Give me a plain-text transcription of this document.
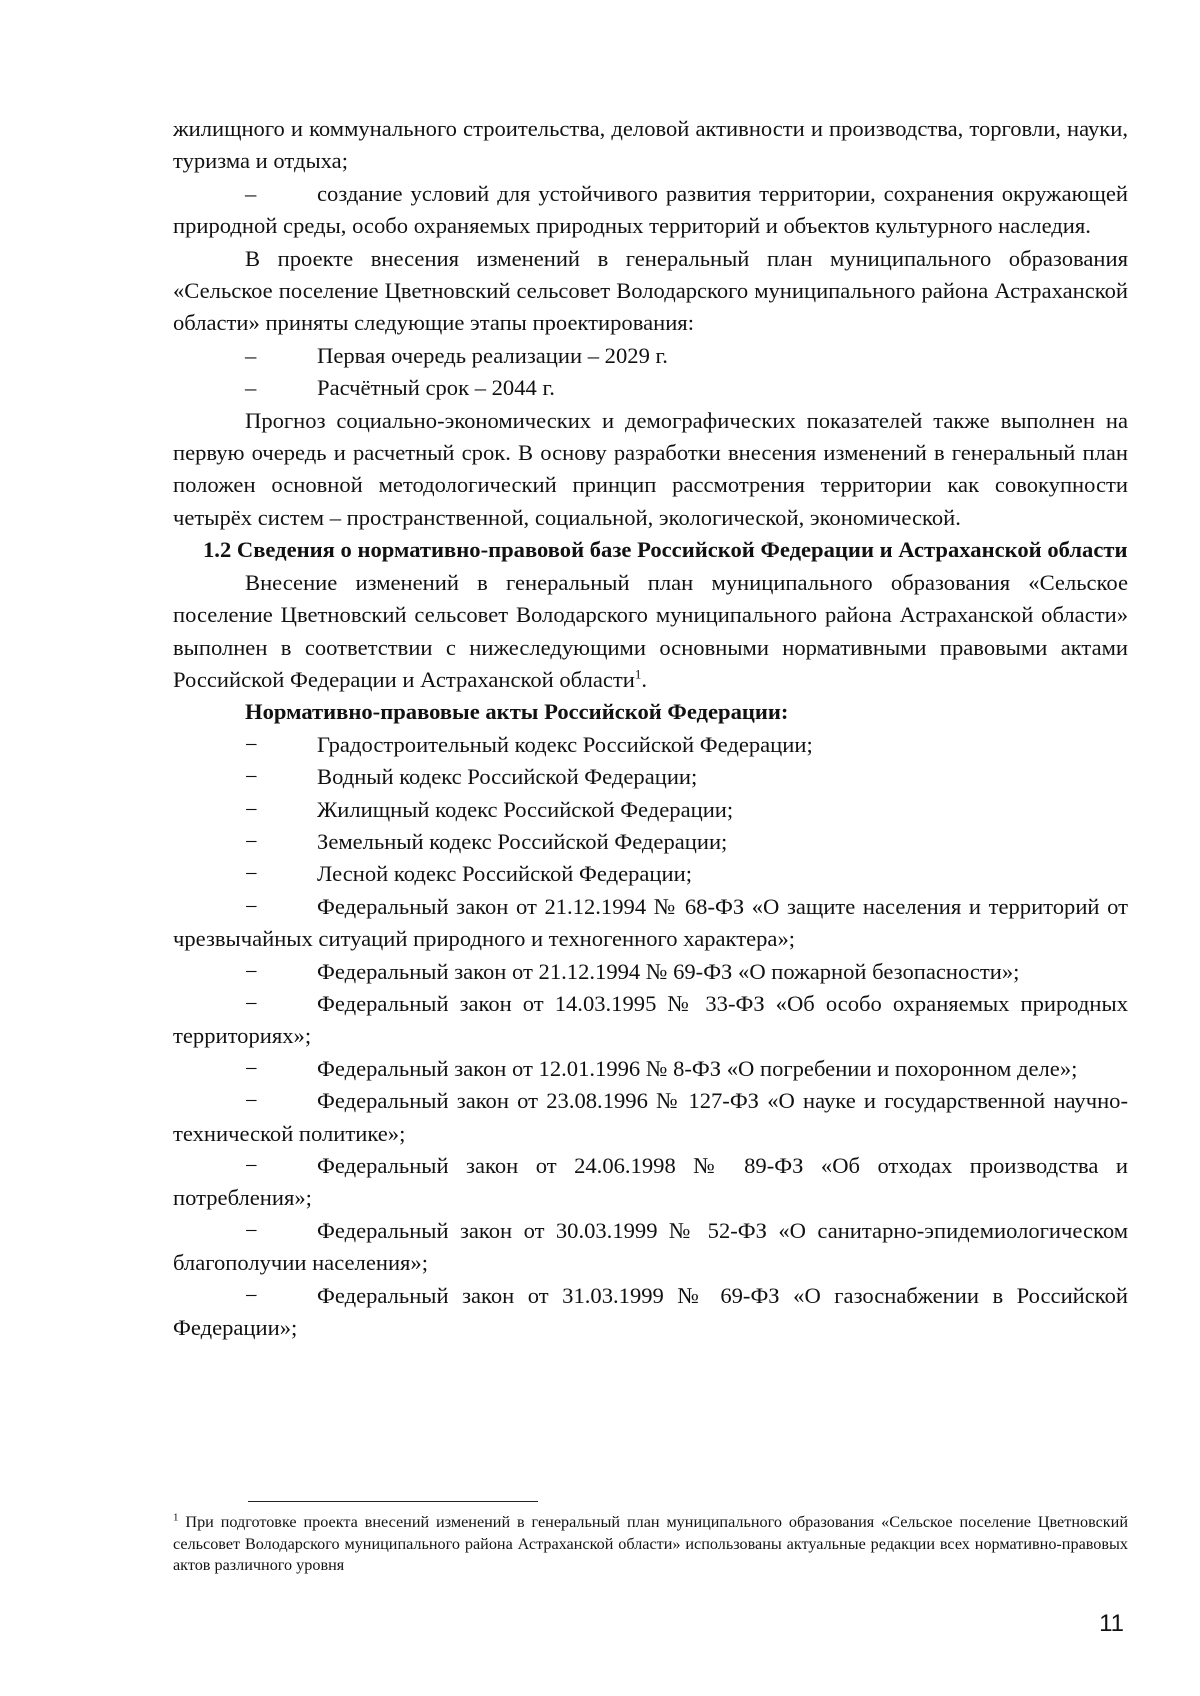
жилищного и коммунального строительства, деловой активности и производства, торговли, науки, туризма и отдыха;

–	создание условий для устойчивого развития территории, сохранения окружающей природной среды, особо охраняемых природных территорий и объектов культурного наследия.

В проекте внесения изменений в генеральный план муниципального образования «Сельское поселение Цветновский сельсовет Володарского муниципального района Астраханской области» приняты следующие этапы проектирования:

–	Первая очередь реализации – 2029 г.

–	Расчётный срок – 2044 г.

Прогноз социально-экономических и демографических показателей также выполнен на первую очередь и расчетный срок. В основу разработки внесения изменений в генеральный план положен основной методологический принцип рассмотрения территории как совокупности четырёх систем – пространственной, социальной, экологической, экономической.

1.2 Сведения о нормативно-правовой базе Российской Федерации и Астраханской области

Внесение изменений в генеральный план муниципального образования «Сельское поселение Цветновский сельсовет Володарского муниципального района Астраханской области» выполнен в соответствии с нижеследующими основными нормативными правовыми актами Российской Федерации и Астраханской области$^1$.

Нормативно-правовые акты Российской Федерации:

−	Градостроительный кодекс Российской Федерации;

−	Водный кодекс Российской Федерации;

−	Жилищный кодекс Российской Федерации;

−	Земельный кодекс Российской Федерации;

−	Лесной кодекс Российской Федерации;

−	Федеральный закон от 21.12.1994 № 68-ФЗ «О защите населения и территорий от чрезвычайных ситуаций природного и техногенного характера»;

−	Федеральный закон от 21.12.1994 № 69-ФЗ «О пожарной безопасности»;

−	Федеральный закон от 14.03.1995 № 33-ФЗ «Об особо охраняемых природных территориях»;

−	Федеральный закон от 12.01.1996 № 8-ФЗ «О погребении и похоронном деле»;

−	Федеральный закон от 23.08.1996 № 127-ФЗ «О науке и государственной научно-технической политике»;

−	Федеральный закон от 24.06.1998 № 89-ФЗ «Об отходах производства и потребления»;

−	Федеральный закон от 30.03.1999 № 52-ФЗ «О санитарно-эпидемиологическом благополучии населения»;

−	Федеральный закон от 31.03.1999 № 69-ФЗ «О газоснабжении в Российской Федерации»;

$^1$ При подготовке проекта внесений изменений в генеральный план муниципального образования «Сельское поселение Цветновский сельсовет Володарского муниципального района Астраханской области» использованы актуальные редакции всех нормативно-правовых актов различного уровня
11
